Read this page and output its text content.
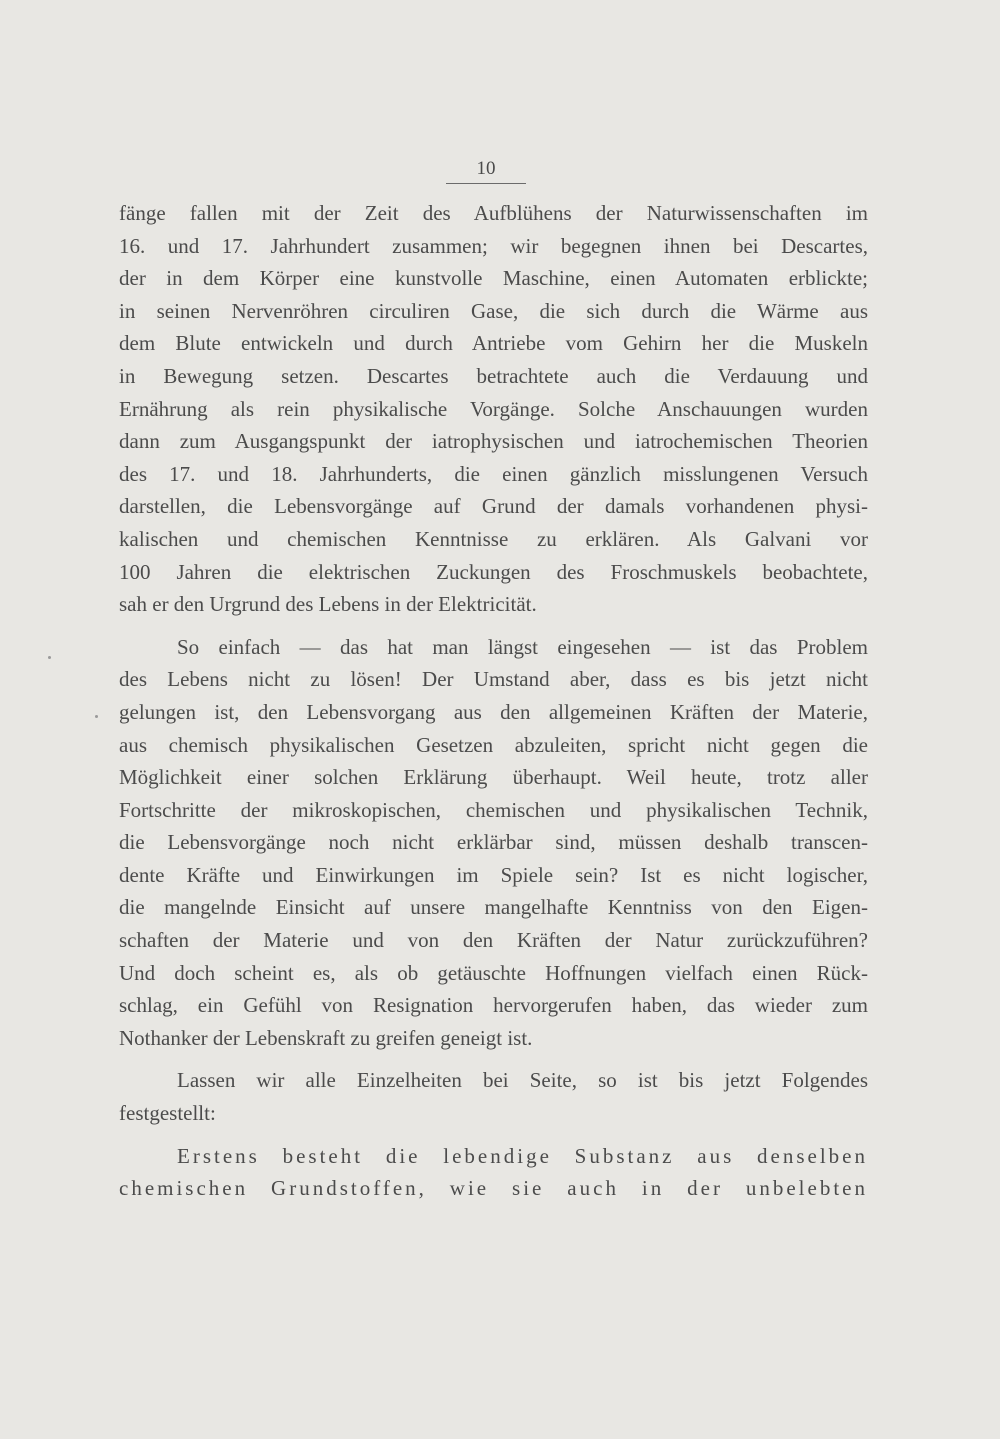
10
fänge fallen mit der Zeit des Aufblühens der Naturwissenschaften im
16. und 17. Jahrhundert zusammen; wir begegnen ihnen bei Descartes,
der in dem Körper eine kunstvolle Maschine, einen Automaten erblickte;
in seinen Nervenröhren circuliren Gase, die sich durch die Wärme aus
dem Blute entwickeln und durch Antriebe vom Gehirn her die Muskeln
in Bewegung setzen. Descartes betrachtete auch die Verdauung und
Ernährung als rein physikalische Vorgänge. Solche Anschauungen wurden
dann zum Ausgangspunkt der iatrophysischen und iatrochemischen Theorien
des 17. und 18. Jahrhunderts, die einen gänzlich misslungenen Versuch
darstellen, die Lebensvorgänge auf Grund der damals vorhandenen physi-
kalischen und chemischen Kenntnisse zu erklären. Als Galvani vor
100 Jahren die elektrischen Zuckungen des Froschmuskels beobachtete,
sah er den Urgrund des Lebens in der Elektricität.
So einfach — das hat man längst eingesehen — ist das Problem
des Lebens nicht zu lösen! Der Umstand aber, dass es bis jetzt nicht
gelungen ist, den Lebensvorgang aus den allgemeinen Kräften der Materie,
aus chemisch physikalischen Gesetzen abzuleiten, spricht nicht gegen die
Möglichkeit einer solchen Erklärung überhaupt. Weil heute, trotz aller
Fortschritte der mikroskopischen, chemischen und physikalischen Technik,
die Lebensvorgänge noch nicht erklärbar sind, müssen deshalb transcen-
dente Kräfte und Einwirkungen im Spiele sein? Ist es nicht logischer,
die mangelnde Einsicht auf unsere mangelhafte Kenntniss von den Eigen-
schaften der Materie und von den Kräften der Natur zurückzuführen?
Und doch scheint es, als ob getäuschte Hoffnungen vielfach einen Rück-
schlag, ein Gefühl von Resignation hervorgerufen haben, das wieder zum
Nothanker der Lebenskraft zu greifen geneigt ist.
Lassen wir alle Einzelheiten bei Seite, so ist bis jetzt Folgendes
festgestellt:
Erstens besteht die lebendige Substanz aus denselben
chemischen Grundstoffen, wie sie auch in der unbelebten
